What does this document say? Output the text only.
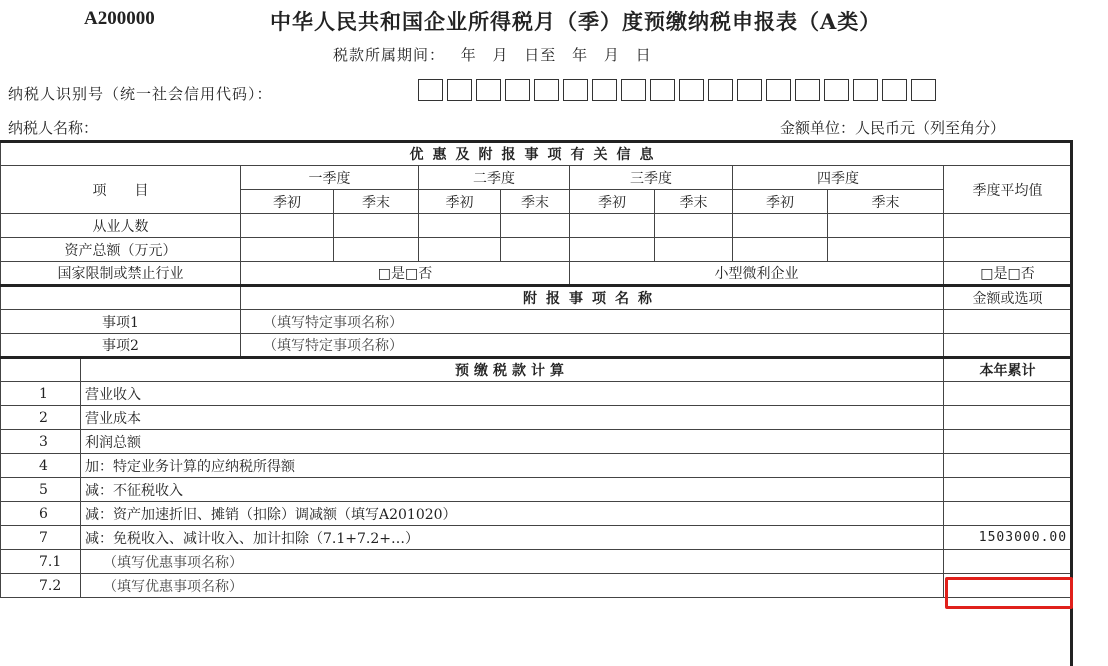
A200000	中华人民共和国企业所得税月（季）度预缴纳税申报表（A类）
税款所属期间： 年 月 日至 年 月 日
纳税人识别号（统一社会信用代码）：
纳税人名称：	金额单位：人民币元（列至角分）
优惠及附报事项有关信息										
项　　目		一季度		二季度		三季度		四季度		季度平均值
		季初	季末	季初	季末	季初	季末	季初	季末	
从业人数										
资产总额（万元）										
国家限制或禁止行业		□是□否				小型微利企业				□是□否
		附报事项名称								金额或选项
事项1		（填写特定事项名称）								
事项2		（填写特定事项名称）								
	预缴税款计算									本年累计
1	营业收入									
2	营业成本									
3	利润总额									
4	加：特定业务计算的应纳税所得额									
5	减：不征税收入									
6	减：资产加速折旧、摊销（扣除）调减额（填写A201020）									
7	减：免税收入、减计收入、加计扣除（7.1+7.2+…）									1503000.00
7.1	（填写优惠事项名称）									
7.2	（填写优惠事项名称）									
